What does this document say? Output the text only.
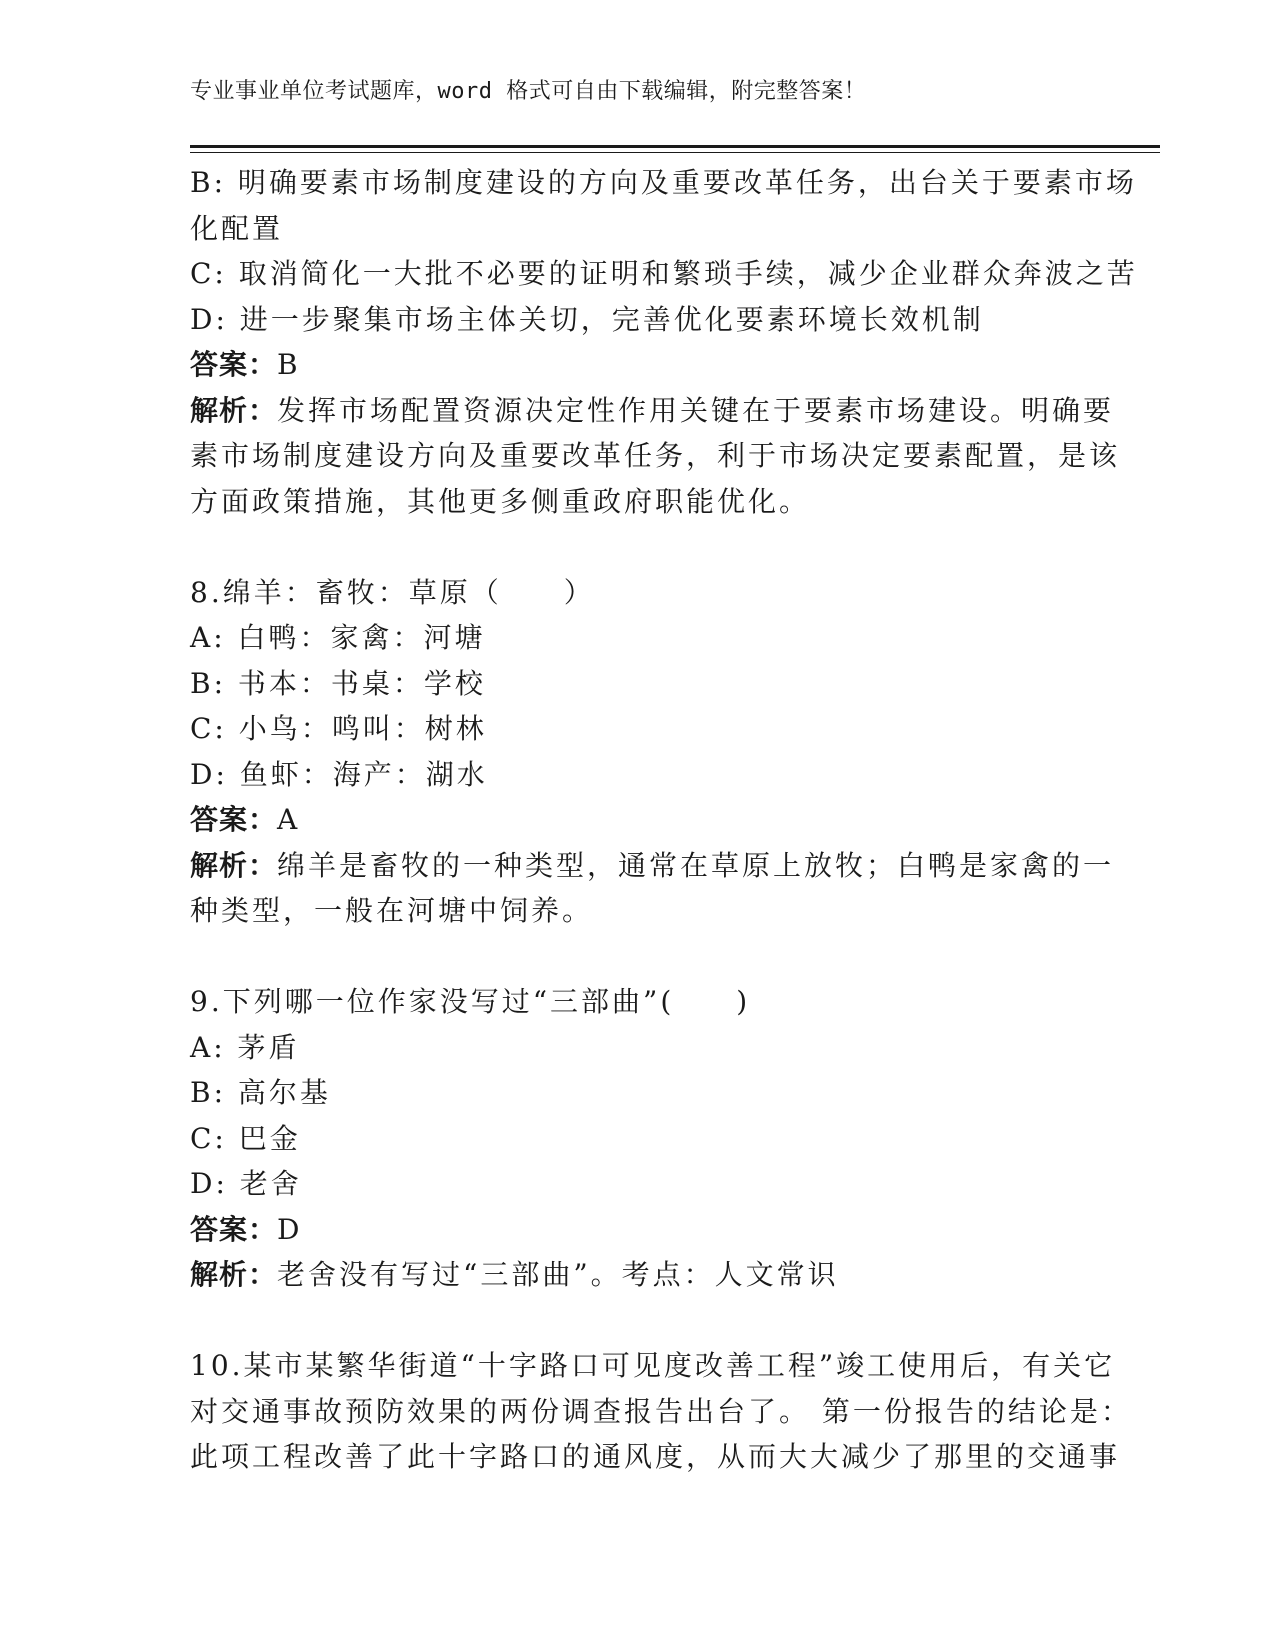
专业事业单位考试题库，word 格式可自由下载编辑，附完整答案！
B: 明确要素市场制度建设的方向及重要改革任务，出台关于要素市场
化配置
C: 取消简化一大批不必要的证明和繁琐手续，减少企业群众奔波之苦
D: 进一步聚集市场主体关切，完善优化要素环境长效机制
答案：B
解析：发挥市场配置资源决定性作用关键在于要素市场建设。明确要
素市场制度建设方向及重要改革任务，利于市场决定要素配置，是该
方面政策措施，其他更多侧重政府职能优化。
8.绵羊：畜牧：草原（　　）
A: 白鸭：家禽：河塘
B: 书本：书桌：学校
C: 小鸟：鸣叫：树林
D: 鱼虾：海产：湖水
答案：A
解析：绵羊是畜牧的一种类型，通常在草原上放牧；白鸭是家禽的一
种类型，一般在河塘中饲养。
9.下列哪一位作家没写过“三部曲”(　　)
A: 茅盾
B: 高尔基
C: 巴金
D: 老舍
答案：D
解析：老舍没有写过“三部曲”。考点：人文常识
10.某市某繁华街道“十字路口可见度改善工程”竣工使用后，有关它
对交通事故预防效果的两份调查报告出台了。 第一份报告的结论是：
此项工程改善了此十字路口的通风度，从而大大减少了那里的交通事
